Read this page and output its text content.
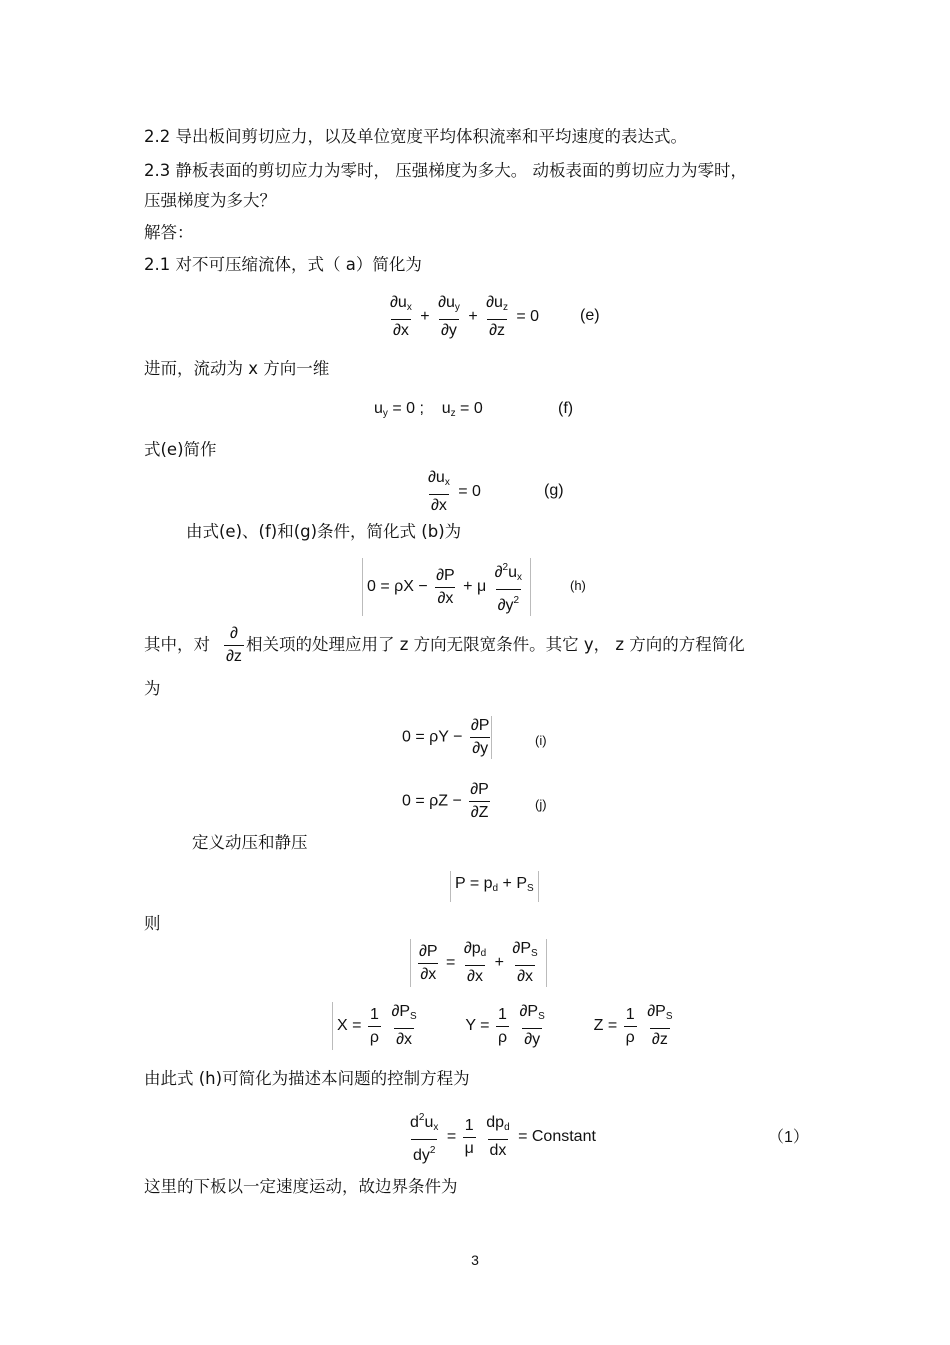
2.2 导出板间剪切应力，以及单位宽度平均体积流率和平均速度的表达式。
2.3 静板表面的剪切应力为零时， 压强梯度为多大。 动板表面的剪切应力为零时，
压强梯度为多大？
解答：
2.1 对不可压缩流体，式（ a）简化为
$\frac{\partial u_x}{\partial x} + \frac{\partial u_y}{\partial y} + \frac{\partial u_z}{\partial z} = 0$	(e)
进而，流动为 x 方向一维
$u_y = 0$ ;    $u_z = 0$	(f)
式(e)简作
$\frac{\partial u_x}{\partial x} = 0$	(g)
由式(e)、(f)和(g)条件，简化式 (b)为
$0 = \rho X - \frac{\partial P}{\partial x} + \mu \frac{\partial^2u_x}{\partial y^2}$	(h)
其中，对 $\frac{\partial}{\partial z}$ 相关项的处理应用了 z 方向无限宽条件。其它 y， z 方向的方程简化
为
$0 = \rho Y - \frac{\partial P}{\partial y}$	(i)
$0 = \rho Z - \frac{\partial P}{\partial Z}$	(j)
定义动压和静压
$P = p_d + P_S$
则
$\frac{\partial P}{\partial x} = \frac{\partial p_d}{\partial x} + \frac{\partial P_S}{\partial x}$
$X = \frac{1}{\rho}$
$\frac{\partial P_S}{\partial x}$	$Y = \frac{1}{\rho}$
$\frac{\partial P_S}{\partial y}$	$Z = \frac{1}{\rho}$
$\frac{\partial P_S}{\partial z}$
由此式 (h)可简化为描述本问题的控制方程为
$\frac{d^2u_x}{dy^2} = \frac{1}{\mu}$
$\frac{dp_d}{dx}$ = Constant	（1）
这里的下板以一定速度运动，故边界条件为
3
